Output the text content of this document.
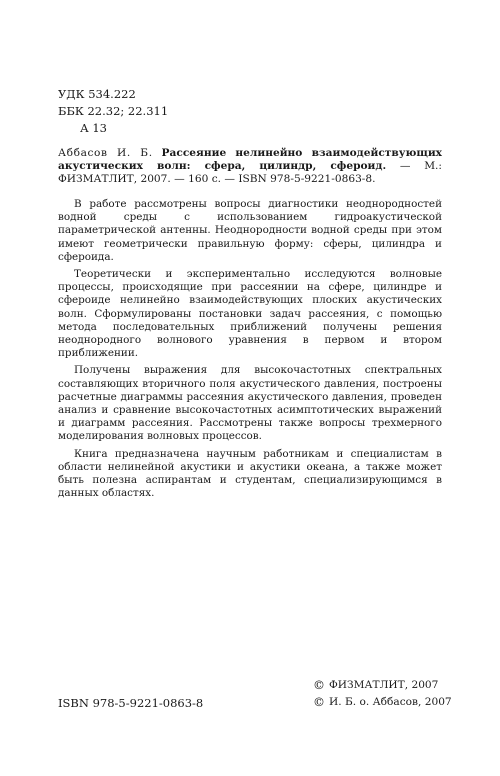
УДК 534.222
ББК 22.32; 22.311
А 13
Аббасов И. Б. Рассеяние нелинейно взаимодействующих акустических волн: сфера, цилиндр, сфероид. — М.: ФИЗМАТЛИТ, 2007. — 160 с. — ISBN 978-5-9221-0863-8.

В работе рассмотрены вопросы диагностики неоднородностей водной среды с использованием гидроакустической параметрической антенны. Неоднородности водной среды при этом имеют геометрически правильную форму: сферы, цилиндра и сфероида.

Теоретически и экспериментально исследуются волновые процессы, происходящие при рассеянии на сфере, цилиндре и сфероиде нелинейно взаимодействующих плоских акустических волн. Сформулированы постановки задач рассеяния, с помощью метода последовательных приближений получены решения неоднородного волнового уравнения в первом и втором приближении.

Получены выражения для высокочастотных спектральных составляющих вторичного поля акустического давления, построены расчетные диаграммы рассеяния акустического давления, проведен анализ и сравнение высокочастотных асимптотических выражений и диаграмм рассеяния. Рассмотрены также вопросы трехмерного моделирования волновых процессов.

Книга предназначена научным работникам и специалистам в области нелинейной акустики и акустики океана, а также может быть полезна аспирантам и студентам, специализирующимся в данных областях.

ISBN 978-5-9221-0863-8
© ФИЗМАТЛИТ, 2007
© И. Б. о. Аббасов, 2007
